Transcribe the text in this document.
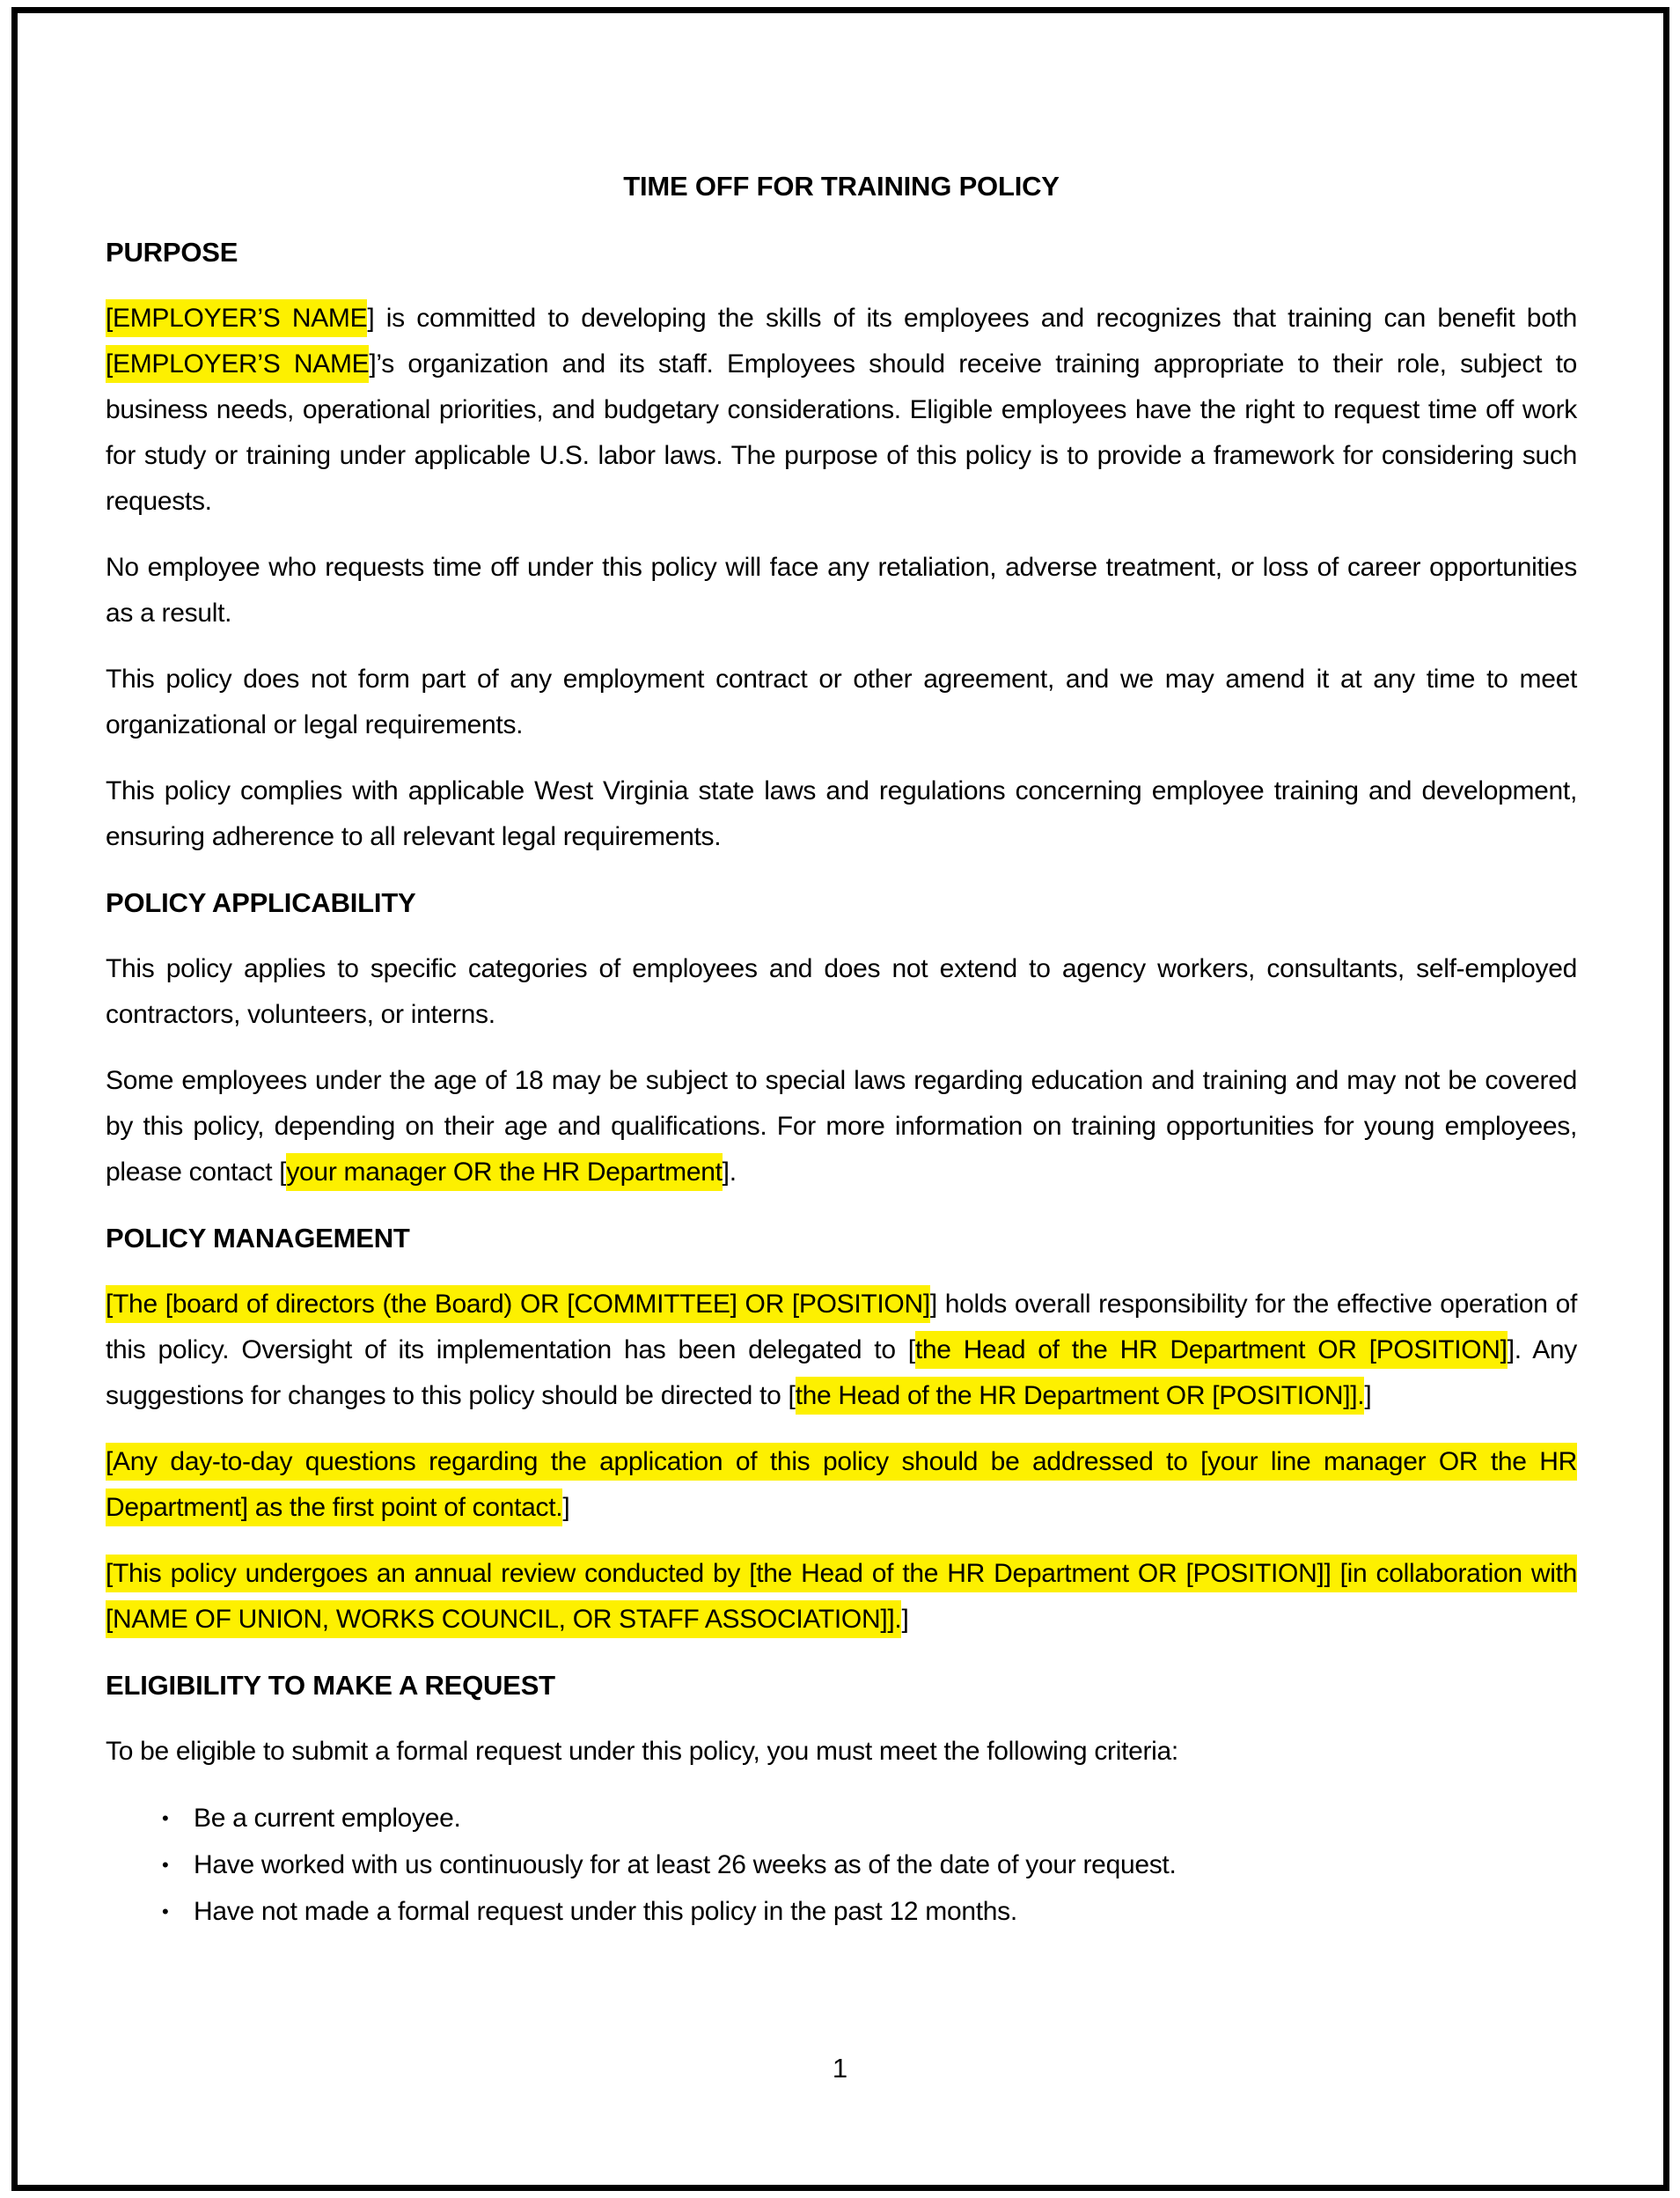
TIME OFF FOR TRAINING POLICY
PURPOSE

[EMPLOYER’S NAME] is committed to developing the skills of its employees and recognizes that training can benefit both [EMPLOYER’S NAME]’s organization and its staff. Employees should receive training appropriate to their role, subject to business needs, operational priorities, and budgetary considerations. Eligible employees have the right to request time off work for study or training under applicable U.S. labor laws. The purpose of this policy is to provide a framework for considering such requests.

No employee who requests time off under this policy will face any retaliation, adverse treatment, or loss of career opportunities as a result.

This policy does not form part of any employment contract or other agreement, and we may amend it at any time to meet organizational or legal requirements.

This policy complies with applicable West Virginia state laws and regulations concerning employee training and development, ensuring adherence to all relevant legal requirements.

POLICY APPLICABILITY

This policy applies to specific categories of employees and does not extend to agency workers, consultants, self-employed contractors, volunteers, or interns.

Some employees under the age of 18 may be subject to special laws regarding education and training and may not be covered by this policy, depending on their age and qualifications. For more information on training opportunities for young employees, please contact [your manager OR the HR Department].

POLICY MANAGEMENT

[The [board of directors (the Board) OR [COMMITTEE] OR [POSITION]] holds overall responsibility for the effective operation of this policy. Oversight of its implementation has been delegated to [the Head of the HR Department OR [POSITION]]. Any suggestions for changes to this policy should be directed to [the Head of the HR Department OR [POSITION]].]

[Any day-to-day questions regarding the application of this policy should be addressed to [your line manager OR the HR Department] as the first point of contact.]

[This policy undergoes an annual review conducted by [the Head of the HR Department OR [POSITION]] [in collaboration with [NAME OF UNION, WORKS COUNCIL, OR STAFF ASSOCIATION]].]

ELIGIBILITY TO MAKE A REQUEST

To be eligible to submit a formal request under this policy, you must meet the following criteria:

• Be a current employee.
• Have worked with us continuously for at least 26 weeks as of the date of your request.
• Have not made a formal request under this policy in the past 12 months.
1
